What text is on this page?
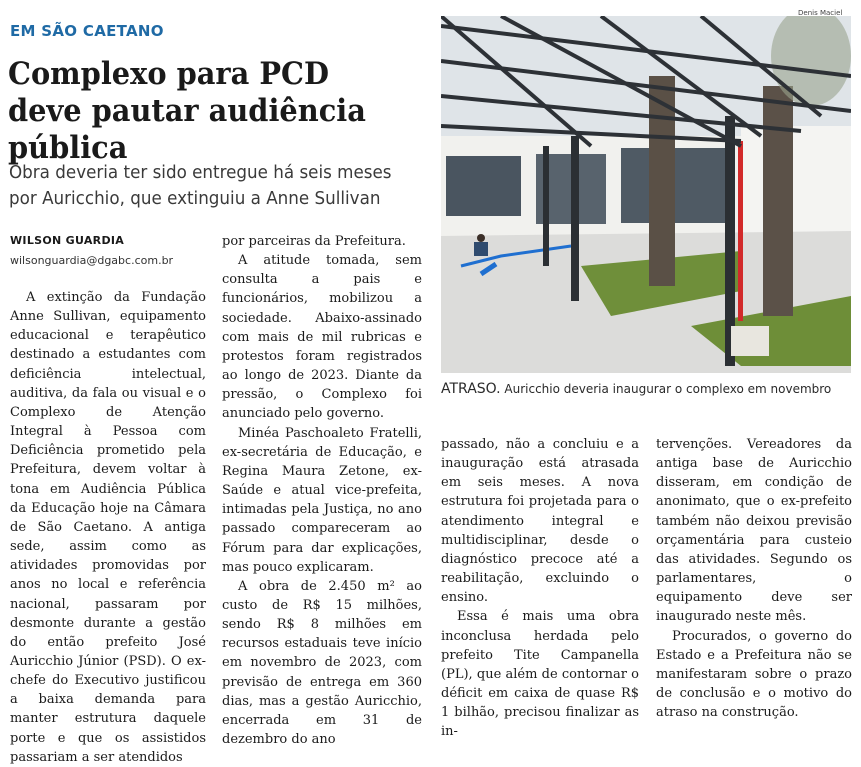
EM SÃO CAETANO
Complexo para PCD deve pautar audiência pública

Obra deveria ter sido entregue há seis meses por Auricchio, que extinguiu a Anne Sullivan

WILSON GUARDIA
wilsonguardia@dgabc.com.br

A extinção da Fundação Anne Sullivan, equipamento educacional e terapêutico destinado a estudantes com deficiência intelectual, auditiva, da fala ou visual e o Complexo de Atenção Integral à Pessoa com Deficiência prometido pela Prefeitura, devem voltar à tona em Audiência Pública da Educação hoje na Câmara de São Caetano. A antiga sede, assim como as atividades promovidas por anos no local e referência nacional, passaram por desmonte durante a gestão do então prefeito José Auricchio Júnior (PSD). O ex-chefe do Executivo justificou a baixa demanda para manter estrutura daquele porte e que os assistidos passariam a ser atendidos

por parceiras da Prefeitura.

A atitude tomada, sem consulta a pais e funcionários, mobilizou a sociedade. Abaixo-assinado com mais de mil rubricas e protestos foram registrados ao longo de 2023. Diante da pressão, o Complexo foi anunciado pelo governo.

Minéa Paschoaleto Fratelli, ex-secretária de Educação, e Regina Maura Zetone, ex-Saúde e atual vice-prefeita, intimadas pela Justiça, no ano passado compareceram ao Fórum para dar explicações, mas pouco explicaram.

A obra de 2.450 m² ao custo de R$ 15 milhões, sendo R$ 8 milhões em recursos estaduais teve início em novembro de 2023, com previsão de entrega em 360 dias, mas a gestão Auricchio, encerrada em 31 de dezembro do ano

Denis Maciel
ATRASO. Auricchio deveria inaugurar o complexo em novembro

passado, não a concluiu e a inauguração está atrasada em seis meses. A nova estrutura foi projetada para o atendimento integral e multidisciplinar, desde o diagnóstico precoce até a reabilitação, excluindo o ensino.

Essa é mais uma obra inconclusa herdada pelo prefeito Tite Campanella (PL), que além de contornar o déficit em caixa de quase R$ 1 bilhão, precisou finalizar as in-

tervenções. Vereadores da antiga base de Auricchio disseram, em condição de anonimato, que o ex-prefeito também não deixou previsão orçamentária para custeio das atividades. Segundo os parlamentares, o equipamento deve ser inaugurado neste mês.

Procurados, o governo do Estado e a Prefeitura não se manifestaram sobre o prazo de conclusão e o motivo do atraso na construção.
